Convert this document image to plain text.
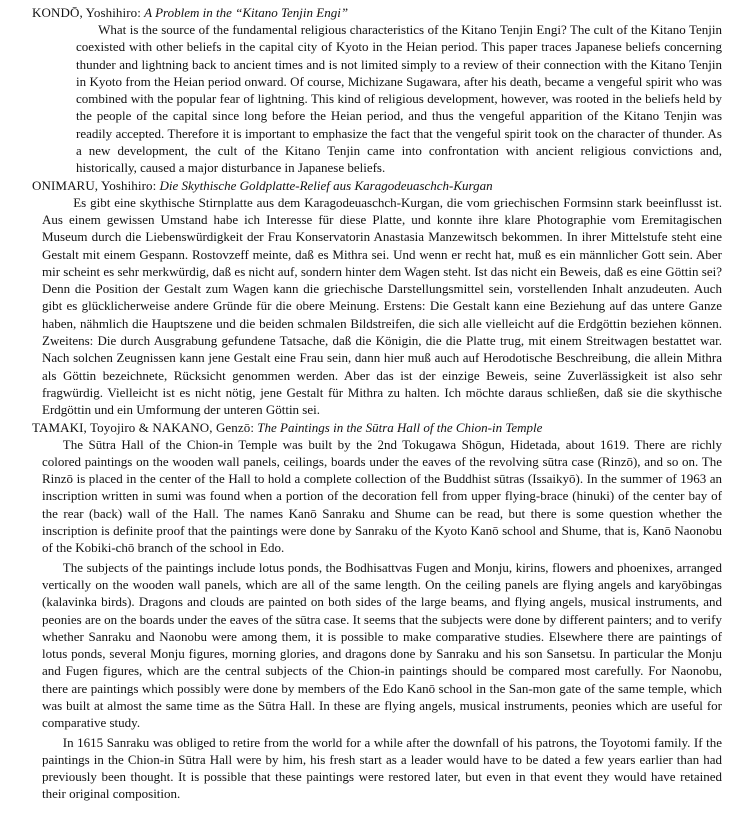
KONDŌ, Yoshihiro: A Problem in the “Kitano Tenjin Engi”

What is the source of the fundamental religious characteristics of the Kitano Tenjin Engi? The cult of the Kitano Tenjin coexisted with other beliefs in the capital city of Kyoto in the Heian period. This paper traces Japanese beliefs concerning thunder and lightning back to ancient times and is not limited simply to a review of their connection with the Kitano Tenjin in Kyoto from the Heian period onward. Of course, Michizane Sugawara, after his death, became a vengeful spirit who was combined with the popular fear of lightning. This kind of religious development, however, was rooted in the beliefs held by the people of the capital since long before the Heian period, and thus the vengeful apparition of the Kitano Tenjin was readily accepted. Therefore it is important to emphasize the fact that the vengeful spirit took on the character of thunder. As a new development, the cult of the Kitano Tenjin came into confrontation with ancient religious convictions and, historically, caused a major disturbance in Japanese beliefs.

ONIMARU, Yoshihiro: Die Skythische Goldplatte-Relief aus Karagodeuaschch-Kurgan

Es gibt eine skythische Stirnplatte aus dem Karagodeuaschch-Kurgan, die vom griechischen Formsinn stark beeinflusst ist. Aus einem gewissen Umstand habe ich Interesse für diese Platte, und konnte ihre klare Photographie vom Eremitagischen Museum durch die Liebenswürdigkeit der Frau Konservatorin Anastasia Manzewitsch bekommen. In ihrer Mittelstufe steht eine Gestalt mit einem Gespann. Rostovzeff meinte, daß es Mithra sei. Und wenn er recht hat, muß es ein männlicher Gott sein. Aber mir scheint es sehr merkwürdig, daß es nicht auf, sondern hinter dem Wagen steht. Ist das nicht ein Beweis, daß es eine Göttin sei? Denn die Position der Gestalt zum Wagen kann die griechische Darstellungsmittel sein, vorstellenden Inhalt anzudeuten. Auch gibt es glücklicherweise andere Gründe für die obere Meinung. Erstens: Die Gestalt kann eine Beziehung auf das untere Ganze haben, nähmlich die Hauptszene und die beiden schmalen Bildstreifen, die sich alle vielleicht auf die Erdgöttin beziehen können. Zweitens: Die durch Ausgrabung gefundene Tatsache, daß die Königin, die die Platte trug, mit einem Streitwagen bestattet war. Nach solchen Zeugnissen kann jene Gestalt eine Frau sein, dann hier muß auch auf Herodotische Beschreibung, die allein Mithra als Göttin bezeichnete, Rücksicht genommen werden. Aber das ist der einzige Beweis, seine Zuverlässigkeit ist also sehr fragwürdig. Vielleicht ist es nicht nötig, jene Gestalt für Mithra zu halten. Ich möchte daraus schließen, daß sie die skythische Erdgöttin und ein Umformung der unteren Göttin sei.

TAMAKI, Toyojiro & NAKANO, Genzō: The Paintings in the Sūtra Hall of the Chion-in Temple

The Sūtra Hall of the Chion-in Temple was built by the 2nd Tokugawa Shōgun, Hidetada, about 1619. There are richly colored paintings on the wooden wall panels, ceilings, boards under the eaves of the revolving sūtra case (Rinzō), and so on. The Rinzō is placed in the center of the Hall to hold a complete collection of the Buddhist sūtras (Issaikyō). In the summer of 1963 an inscription written in sumi was found when a portion of the decoration fell from upper flying-brace (hinuki) of the center bay of the rear (back) wall of the Hall. The names Kanō Sanraku and Shume can be read, but there is some question whether the inscription is definite proof that the paintings were done by Sanraku of the Kyoto Kanō school and Shume, that is, Kanō Naonobu of the Kobiki-chō branch of the school in Edo.

The subjects of the paintings include lotus ponds, the Bodhisattvas Fugen and Monju, kirins, flowers and phoenixes, arranged vertically on the wooden wall panels, which are all of the same length. On the ceiling panels are flying angels and karyōbingas (kalavinka birds). Dragons and clouds are painted on both sides of the large beams, and flying angels, musical instruments, and peonies are on the boards under the eaves of the sūtra case. It seems that the subjects were done by different painters; and to verify whether Sanraku and Naonobu were among them, it is possible to make comparative studies. Elsewhere there are paintings of lotus ponds, several Monju figures, morning glories, and dragons done by Sanraku and his son Sansetsu. In particular the Monju and Fugen figures, which are the central subjects of the Chion-in paintings should be compared most carefully. For Naonobu, there are paintings which possibly were done by members of the Edo Kanō school in the San-mon gate of the same temple, which was built at almost the same time as the Sūtra Hall. In these are flying angels, musical instruments, peonies which are useful for comparative study.

In 1615 Sanraku was obliged to retire from the world for a while after the downfall of his patrons, the Toyotomi family. If the paintings in the Chion-in Sūtra Hall were by him, his fresh start as a leader would have to be dated a few years earlier than had previously been thought. It is possible that these paintings were restored later, but even in that event they would have retained their original composition.
